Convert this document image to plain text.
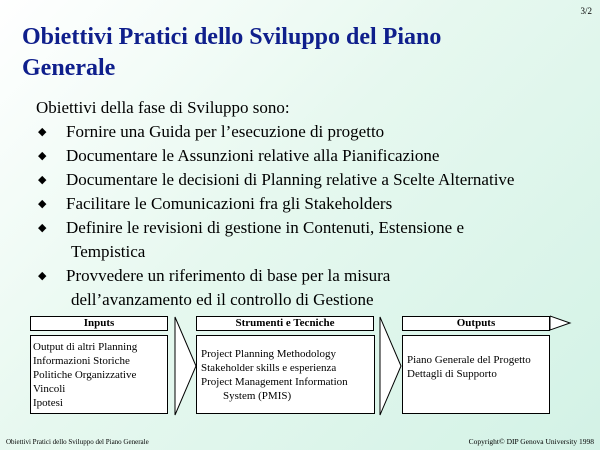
3/2
Obiettivi Pratici dello Sviluppo del Piano
Generale
Obiettivi della fase di Sviluppo sono:
◆ Fornire una Guida per l’esecuzione di progetto
◆ Documentare le Assunzioni relative alla Pianificazione
◆ Documentare le decisioni di Planning relative a Scelte Alternative
◆ Facilitare le Comunicazioni fra gli Stakeholders
◆ Definire le revisioni di gestione in Contenuti, Estensione e
Tempistica
◆ Provvedere un riferimento di base per la misura
dell’avanzamento ed il controllo di Gestione
Inputs
Output di altri Planning
Informazioni Storiche
Politiche Organizzative
Vincoli
Ipotesi
Strumenti e Tecniche
Project Planning Methodology
Stakeholder skills e esperienza
Project Management Information
System (PMIS)
Outputs
Piano Generale del Progetto
Dettagli di Supporto
Obiettivi Pratici dello Sviluppo del Piano Generale	Copyright© DIP Genova University 1998
